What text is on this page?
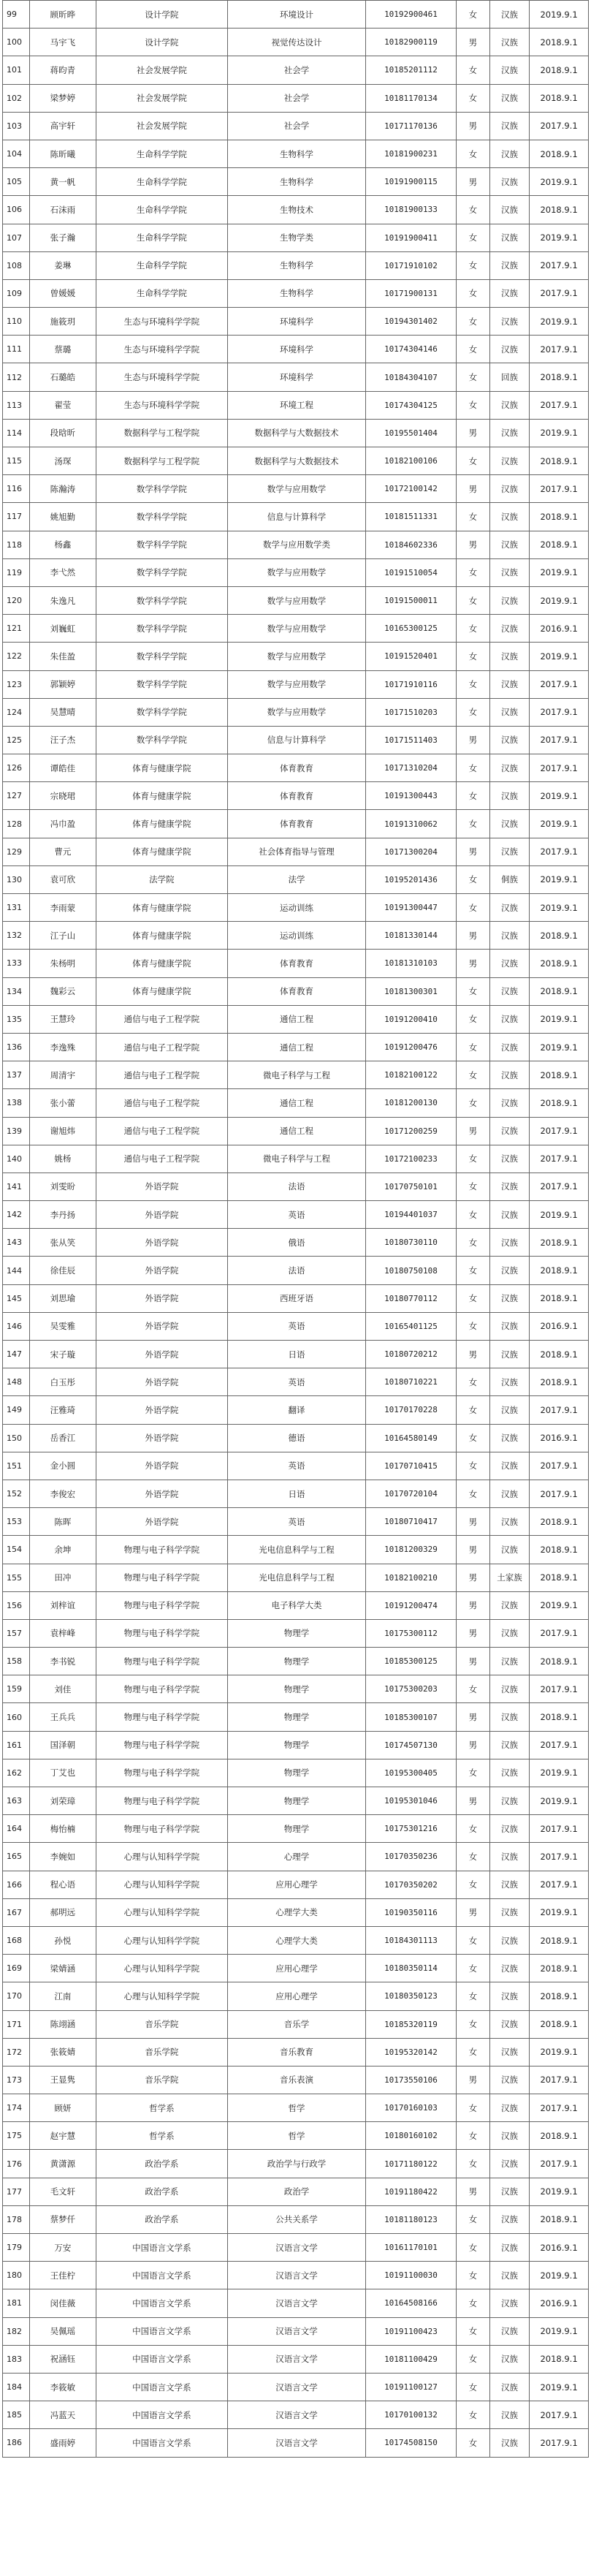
99	顾昕晔	设计学院	环境设计	10192900461	女	汉族	2019.9.1
100	马宇飞	设计学院	视觉传达设计	10182900119	男	汉族	2018.9.1
101	蒋昀青	社会发展学院	社会学	10185201112	女	汉族	2018.9.1
102	梁梦婷	社会发展学院	社会学	10181170134	女	汉族	2018.9.1
103	高宇轩	社会发展学院	社会学	10171170136	男	汉族	2017.9.1
104	陈昕曦	生命科学学院	生物科学	10181900231	女	汉族	2018.9.1
105	黄一帆	生命科学学院	生物科学	10191900115	男	汉族	2019.9.1
106	石沫雨	生命科学学院	生物技术	10181900133	女	汉族	2018.9.1
107	张子瀚	生命科学学院	生物学类	10191900411	女	汉族	2019.9.1
108	姜琳	生命科学学院	生物科学	10171910102	女	汉族	2017.9.1
109	曾媛媛	生命科学学院	生物科学	10171900131	女	汉族	2017.9.1
110	施筱玥	生态与环境科学学院	环境科学	10194301402	女	汉族	2019.9.1
111	蔡璐	生态与环境科学学院	环境科学	10174304146	女	汉族	2017.9.1
112	石璐皓	生态与环境科学学院	环境科学	10184304107	女	回族	2018.9.1
113	翟莹	生态与环境科学学院	环境工程	10174304125	女	汉族	2017.9.1
114	段晗昕	数据科学与工程学院	数据科学与大数据技术	10195501404	男	汉族	2019.9.1
115	汤琛	数据科学与工程学院	数据科学与大数据技术	10182100106	女	汉族	2018.9.1
116	陈瀚涛	数学科学学院	数学与应用数学	10172100142	男	汉族	2017.9.1
117	姚旭勤	数学科学学院	信息与计算科学	10181511331	女	汉族	2018.9.1
118	杨鑫	数学科学学院	数学与应用数学类	10184602336	男	汉族	2018.9.1
119	李弋然	数学科学学院	数学与应用数学	10191510054	女	汉族	2019.9.1
120	朱逸凡	数学科学学院	数学与应用数学	10191500011	女	汉族	2019.9.1
121	刘巍虹	数学科学学院	数学与应用数学	10165300125	女	汉族	2016.9.1
122	朱佳盈	数学科学学院	数学与应用数学	10191520401	女	汉族	2019.9.1
123	郭颖婷	数学科学学院	数学与应用数学	10171910116	女	汉族	2017.9.1
124	吴慧晴	数学科学学院	数学与应用数学	10171510203	女	汉族	2017.9.1
125	汪子杰	数学科学学院	信息与计算科学	10171511403	男	汉族	2017.9.1
126	谭皓佳	体育与健康学院	体育教育	10171310204	女	汉族	2017.9.1
127	宗晓珺	体育与健康学院	体育教育	10191300443	女	汉族	2019.9.1
128	冯巾盈	体育与健康学院	体育教育	10191310062	女	汉族	2019.9.1
129	曹元	体育与健康学院	社会体育指导与管理	10171300204	男	汉族	2017.9.1
130	袁可欣	法学院	法学	10195201436	女	侗族	2019.9.1
131	李雨蒙	体育与健康学院	运动训练	10191300447	女	汉族	2019.9.1
132	江子山	体育与健康学院	运动训练	10181330144	男	汉族	2018.9.1
133	朱杨明	体育与健康学院	体育教育	10181310103	男	汉族	2018.9.1
134	魏彩云	体育与健康学院	体育教育	10181300301	女	汉族	2018.9.1
135	王慧玲	通信与电子工程学院	通信工程	10191200410	女	汉族	2019.9.1
136	李逸殊	通信与电子工程学院	通信工程	10191200476	女	汉族	2019.9.1
137	周清宇	通信与电子工程学院	微电子科学与工程	10182100122	女	汉族	2018.9.1
138	张小蕾	通信与电子工程学院	通信工程	10181200130	女	汉族	2018.9.1
139	谢旭炜	通信与电子工程学院	通信工程	10171200259	男	汉族	2017.9.1
140	姚杨	通信与电子工程学院	微电子科学与工程	10172100233	女	汉族	2017.9.1
141	刘雯昐	外语学院	法语	10170750101	女	汉族	2017.9.1
142	李丹扬	外语学院	英语	10194401037	女	汉族	2019.9.1
143	张从笑	外语学院	俄语	10180730110	女	汉族	2018.9.1
144	徐佳辰	外语学院	法语	10180750108	女	汉族	2018.9.1
145	刘思瑜	外语学院	西班牙语	10180770112	女	汉族	2018.9.1
146	吴雯雅	外语学院	英语	10165401125	女	汉族	2016.9.1
147	宋子璇	外语学院	日语	10180720212	男	汉族	2018.9.1
148	白玉彤	外语学院	英语	10180710221	女	汉族	2018.9.1
149	汪雅琦	外语学院	翻译	10170170228	女	汉族	2017.9.1
150	岳香江	外语学院	德语	10164580149	女	汉族	2016.9.1
151	金小圆	外语学院	英语	10170710415	女	汉族	2017.9.1
152	李俊宏	外语学院	日语	10170720104	女	汉族	2017.9.1
153	陈晖	外语学院	英语	10180710417	男	汉族	2018.9.1
154	余坤	物理与电子科学学院	光电信息科学与工程	10181200329	男	汉族	2018.9.1
155	田冲	物理与电子科学学院	光电信息科学与工程	10182100210	男	土家族	2018.9.1
156	刘梓谊	物理与电子科学学院	电子科学大类	10191200474	男	汉族	2019.9.1
157	袁梓峰	物理与电子科学学院	物理学	10175300112	男	汉族	2017.9.1
158	李书锐	物理与电子科学学院	物理学	10185300125	男	汉族	2018.9.1
159	刘佳	物理与电子科学学院	物理学	10175300203	女	汉族	2017.9.1
160	王兵兵	物理与电子科学学院	物理学	10185300107	男	汉族	2018.9.1
161	国泽朝	物理与电子科学学院	物理学	10174507130	男	汉族	2017.9.1
162	丁艾也	物理与电子科学学院	物理学	10195300405	女	汉族	2019.9.1
163	刘荣璋	物理与电子科学学院	物理学	10195301046	男	汉族	2019.9.1
164	梅怡楠	物理与电子科学学院	物理学	10175301216	女	汉族	2017.9.1
165	李婉如	心理与认知科学学院	心理学	10170350236	女	汉族	2017.9.1
166	程心语	心理与认知科学学院	应用心理学	10170350202	女	汉族	2017.9.1
167	郝明远	心理与认知科学学院	心理学大类	10190350116	男	汉族	2019.9.1
168	孙悦	心理与认知科学学院	心理学大类	10184301113	女	汉族	2018.9.1
169	梁婧涵	心理与认知科学学院	应用心理学	10180350114	女	汉族	2018.9.1
170	江南	心理与认知科学学院	应用心理学	10180350123	女	汉族	2018.9.1
171	陈翊涵	音乐学院	音乐学	10185320119	女	汉族	2018.9.1
172	张筱婧	音乐学院	音乐教育	10195320142	女	汉族	2019.9.1
173	王显隽	音乐学院	音乐表演	10173550106	男	汉族	2017.9.1
174	顾妍	哲学系	哲学	10170160103	女	汉族	2017.9.1
175	赵宇慧	哲学系	哲学	10180160102	女	汉族	2018.9.1
176	黄潇源	政治学系	政治学与行政学	10171180122	女	汉族	2017.9.1
177	毛文轩	政治学系	政治学	10191180422	男	汉族	2019.9.1
178	蔡梦仟	政治学系	公共关系学	10181180123	女	汉族	2018.9.1
179	万安	中国语言文学系	汉语言文学	10161170101	女	汉族	2016.9.1
180	王佳柠	中国语言文学系	汉语言文学	10191100030	女	汉族	2019.9.1
181	闵佳薇	中国语言文学系	汉语言文学	10164508166	女	汉族	2016.9.1
182	吴佩瑶	中国语言文学系	汉语言文学	10191100423	女	汉族	2019.9.1
183	祝涵钰	中国语言文学系	汉语言文学	10181100429	女	汉族	2018.9.1
184	李筱敏	中国语言文学系	汉语言文学	10191100127	女	汉族	2019.9.1
185	冯蓝天	中国语言文学系	汉语言文学	10170100132	女	汉族	2017.9.1
186	盛雨婷	中国语言文学系	汉语言文学	10174508150	女	汉族	2017.9.1
